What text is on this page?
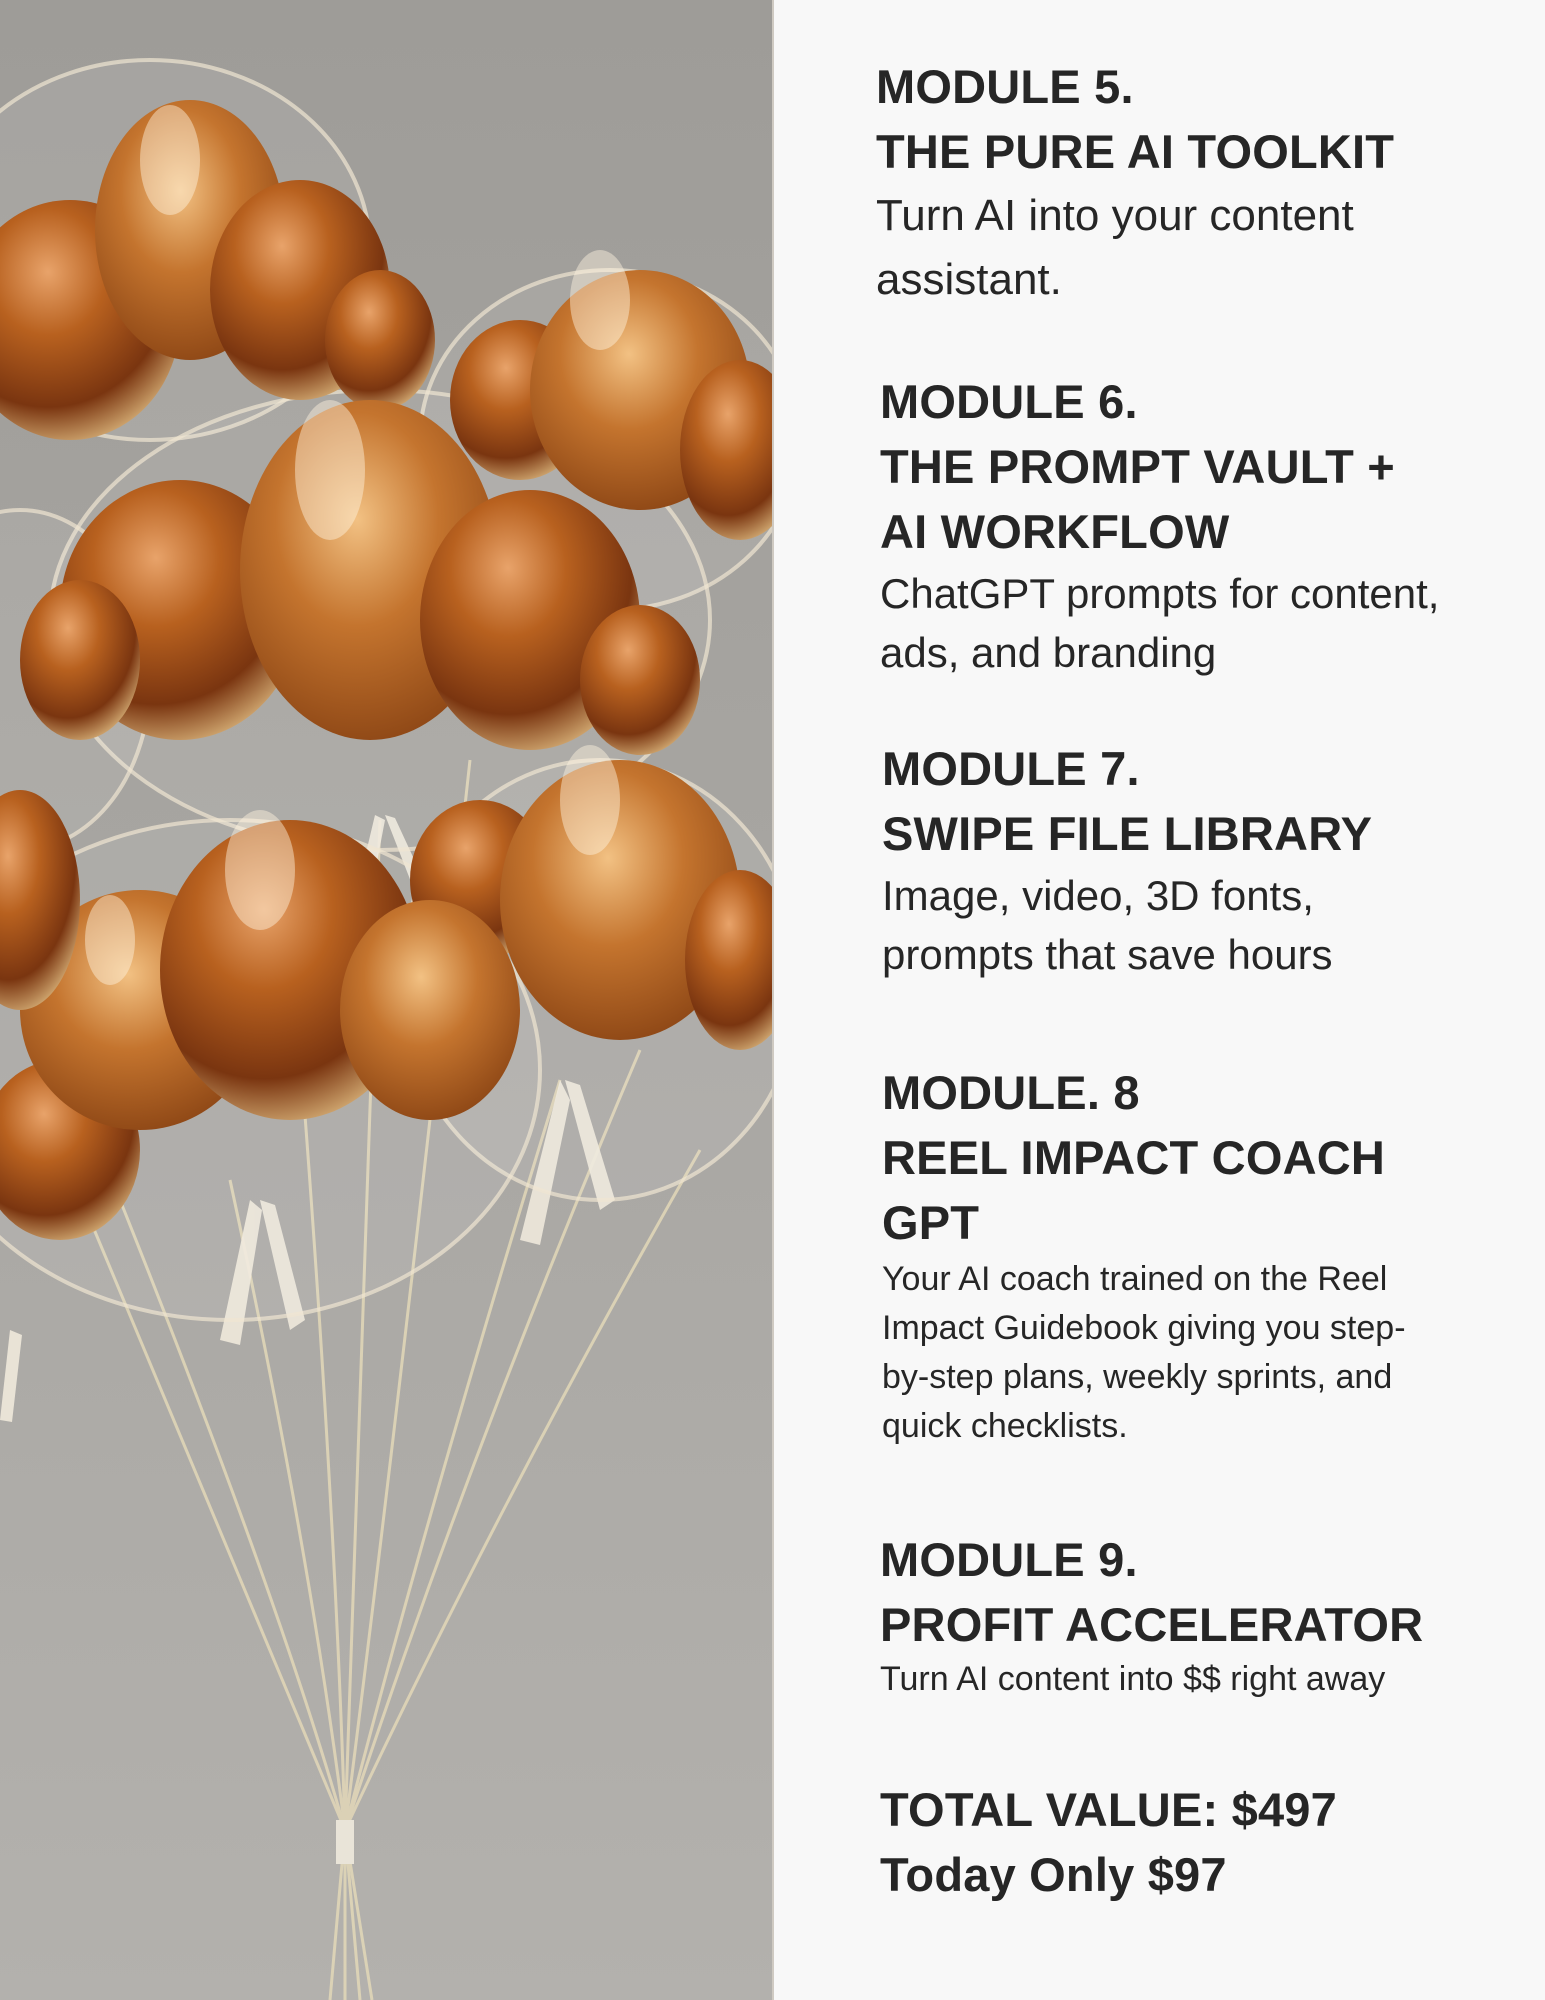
MODULE 5.

THE PURE AI TOOLKIT

Turn AI into your content

assistant.

MODULE 6.

THE PROMPT VAULT +

AI WORKFLOW

ChatGPT prompts for content,

ads, and branding

MODULE 7.

SWIPE FILE LIBRARY

Image, video, 3D fonts,

prompts that save hours

MODULE. 8

REEL IMPACT COACH

GPT

Your AI coach trained on the Reel

Impact Guidebook giving you step-

by-step plans, weekly sprints, and

quick checklists.

MODULE 9.

PROFIT ACCELERATOR

Turn AI content into $$ right away

TOTAL VALUE: $497

Today Only $97
